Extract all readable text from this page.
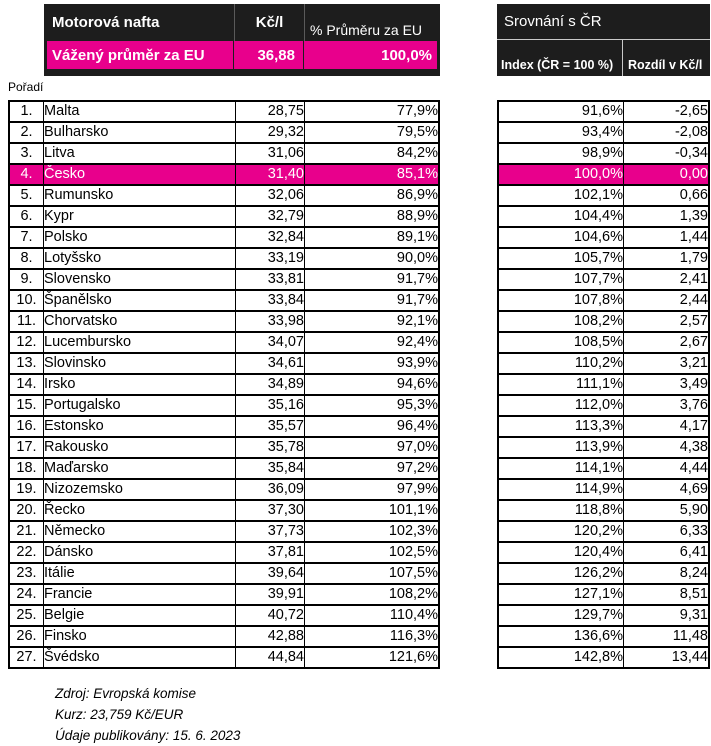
Motorová nafta	Kč/l	% Průměru za EU
Vážený průměr za EU	36,88	100,0%
Srovnání s ČR
Index (ČR = 100 %)	Rozdíl v Kč/l
Pořadí
1.	Malta	28,75	77,9%
2.	Bulharsko	29,32	79,5%
3.	Litva	31,06	84,2%
4.	Česko	31,40	85,1%
5.	Rumunsko	32,06	86,9%
6.	Kypr	32,79	88,9%
7.	Polsko	32,84	89,1%
8.	Lotyšsko	33,19	90,0%
9.	Slovensko	33,81	91,7%
10.	Španělsko	33,84	91,7%
11.	Chorvatsko	33,98	92,1%
12.	Lucembursko	34,07	92,4%
13.	Slovinsko	34,61	93,9%
14.	Irsko	34,89	94,6%
15.	Portugalsko	35,16	95,3%
16.	Estonsko	35,57	96,4%
17.	Rakousko	35,78	97,0%
18.	Maďarsko	35,84	97,2%
19.	Nizozemsko	36,09	97,9%
20.	Řecko	37,30	101,1%
21.	Německo	37,73	102,3%
22.	Dánsko	37,81	102,5%
23.	Itálie	39,64	107,5%
24.	Francie	39,91	108,2%
25.	Belgie	40,72	110,4%
26.	Finsko	42,88	116,3%
27.	Švédsko	44,84	121,6%
91,6%	-2,65
93,4%	-2,08
98,9%	-0,34
100,0%	0,00
102,1%	0,66
104,4%	1,39
104,6%	1,44
105,7%	1,79
107,7%	2,41
107,8%	2,44
108,2%	2,57
108,5%	2,67
110,2%	3,21
111,1%	3,49
112,0%	3,76
113,3%	4,17
113,9%	4,38
114,1%	4,44
114,9%	4,69
118,8%	5,90
120,2%	6,33
120,4%	6,41
126,2%	8,24
127,1%	8,51
129,7%	9,31
136,6%	11,48
142,8%	13,44
Zdroj: Evropská komise
Kurz: 23,759 Kč/EUR
Údaje publikovány: 15. 6. 2023
